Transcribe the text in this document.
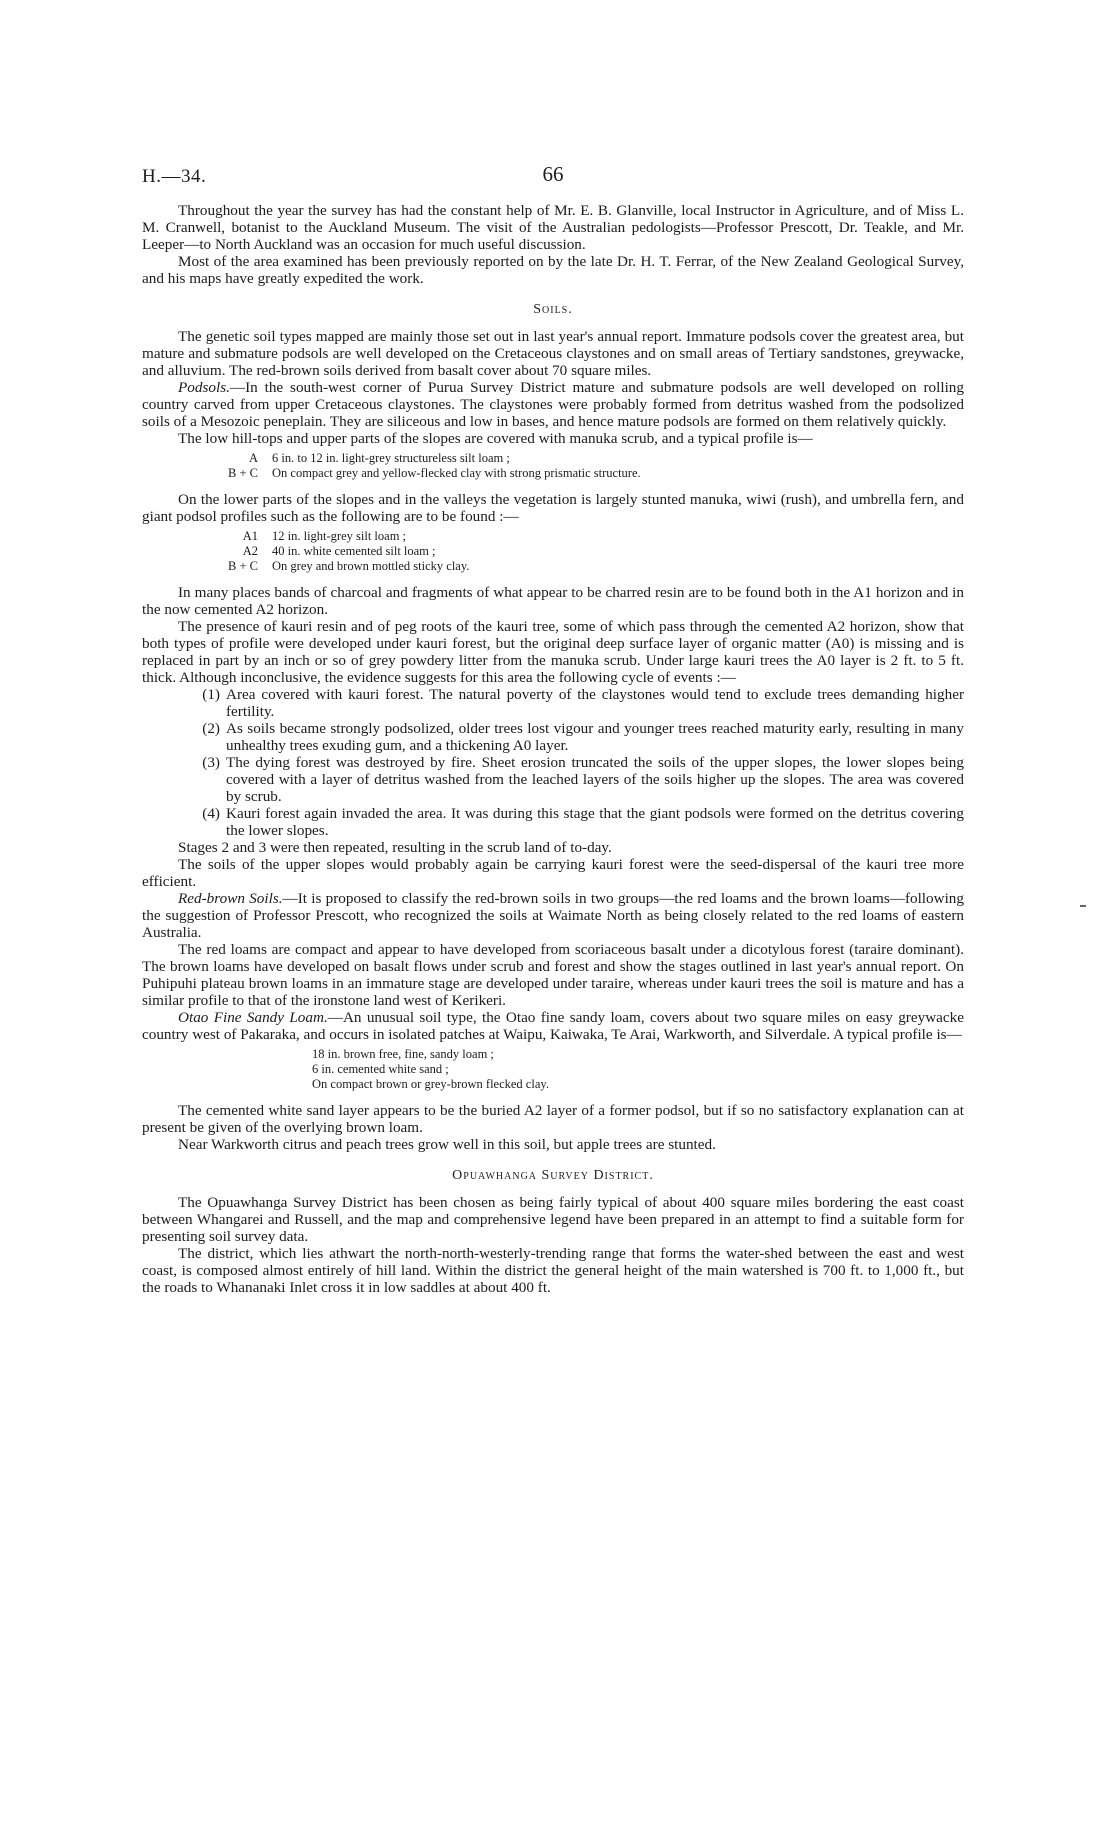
H.—34.	66

Throughout the year the survey has had the constant help of Mr. E. B. Glanville, local Instructor in Agriculture, and of Miss L. M. Cranwell, botanist to the Auckland Museum. The visit of the Australian pedologists—Professor Prescott, Dr. Teakle, and Mr. Leeper—to North Auckland was an occasion for much useful discussion.

Most of the area examined has been previously reported on by the late Dr. H. T. Ferrar, of the New Zealand Geological Survey, and his maps have greatly expedited the work.

Soils.

The genetic soil types mapped are mainly those set out in last year's annual report. Immature podsols cover the greatest area, but mature and submature podsols are well developed on the Cretaceous claystones and on small areas of Tertiary sandstones, greywacke, and alluvium. The red-brown soils derived from basalt cover about 70 square miles.

Podsols.—In the south-west corner of Purua Survey District mature and submature podsols are well developed on rolling country carved from upper Cretaceous claystones. The claystones were probably formed from detritus washed from the podsolized soils of a Mesozoic peneplain. They are siliceous and low in bases, and hence mature podsols are formed on them relatively quickly.

The low hill-tops and upper parts of the slopes are covered with manuka scrub, and a typical profile is—

A	6 in. to 12 in. light-grey structureless silt loam ;
B + C	On compact grey and yellow-flecked clay with strong prismatic structure.

On the lower parts of the slopes and in the valleys the vegetation is largely stunted manuka, wiwi (rush), and umbrella fern, and giant podsol profiles such as the following are to be found :—

A1	12 in. light-grey silt loam ;
A2	40 in. white cemented silt loam ;
B + C	On grey and brown mottled sticky clay.

In many places bands of charcoal and fragments of what appear to be charred resin are to be found both in the A1 horizon and in the now cemented A2 horizon.

The presence of kauri resin and of peg roots of the kauri tree, some of which pass through the cemented A2 horizon, show that both types of profile were developed under kauri forest, but the original deep surface layer of organic matter (A0) is missing and is replaced in part by an inch or so of grey powdery litter from the manuka scrub. Under large kauri trees the A0 layer is 2 ft. to 5 ft. thick. Although inconclusive, the evidence suggests for this area the following cycle of events :—

(1) Area covered with kauri forest. The natural poverty of the claystones would tend to exclude trees demanding higher fertility.
(2) As soils became strongly podsolized, older trees lost vigour and younger trees reached maturity early, resulting in many unhealthy trees exuding gum, and a thickening A0 layer.
(3) The dying forest was destroyed by fire. Sheet erosion truncated the soils of the upper slopes, the lower slopes being covered with a layer of detritus washed from the leached layers of the soils higher up the slopes. The area was covered by scrub.
(4) Kauri forest again invaded the area. It was during this stage that the giant podsols were formed on the detritus covering the lower slopes.

Stages 2 and 3 were then repeated, resulting in the scrub land of to-day.

The soils of the upper slopes would probably again be carrying kauri forest were the seed-dispersal of the kauri tree more efficient.

Red-brown Soils.—It is proposed to classify the red-brown soils in two groups—the red loams and the brown loams—following the suggestion of Professor Prescott, who recognized the soils at Waimate North as being closely related to the red loams of eastern Australia.

The red loams are compact and appear to have developed from scoriaceous basalt under a dicotylous forest (taraire dominant). The brown loams have developed on basalt flows under scrub and forest and show the stages outlined in last year's annual report. On Puhipuhi plateau brown loams in an immature stage are developed under taraire, whereas under kauri trees the soil is mature and has a similar profile to that of the ironstone land west of Kerikeri.

Otao Fine Sandy Loam.—An unusual soil type, the Otao fine sandy loam, covers about two square miles on easy greywacke country west of Pakaraka, and occurs in isolated patches at Waipu, Kaiwaka, Te Arai, Warkworth, and Silverdale. A typical profile is—

18 in. brown free, fine, sandy loam ;
6 in. cemented white sand ;
On compact brown or grey-brown flecked clay.

The cemented white sand layer appears to be the buried A2 layer of a former podsol, but if so no satisfactory explanation can at present be given of the overlying brown loam.

Near Warkworth citrus and peach trees grow well in this soil, but apple trees are stunted.

Opuawhanga Survey District.

The Opuawhanga Survey District has been chosen as being fairly typical of about 400 square miles bordering the east coast between Whangarei and Russell, and the map and comprehensive legend have been prepared in an attempt to find a suitable form for presenting soil survey data.

The district, which lies athwart the north-north-westerly-trending range that forms the water-shed between the east and west coast, is composed almost entirely of hill land. Within the district the general height of the main watershed is 700 ft. to 1,000 ft., but the roads to Whananaki Inlet cross it in low saddles at about 400 ft.
